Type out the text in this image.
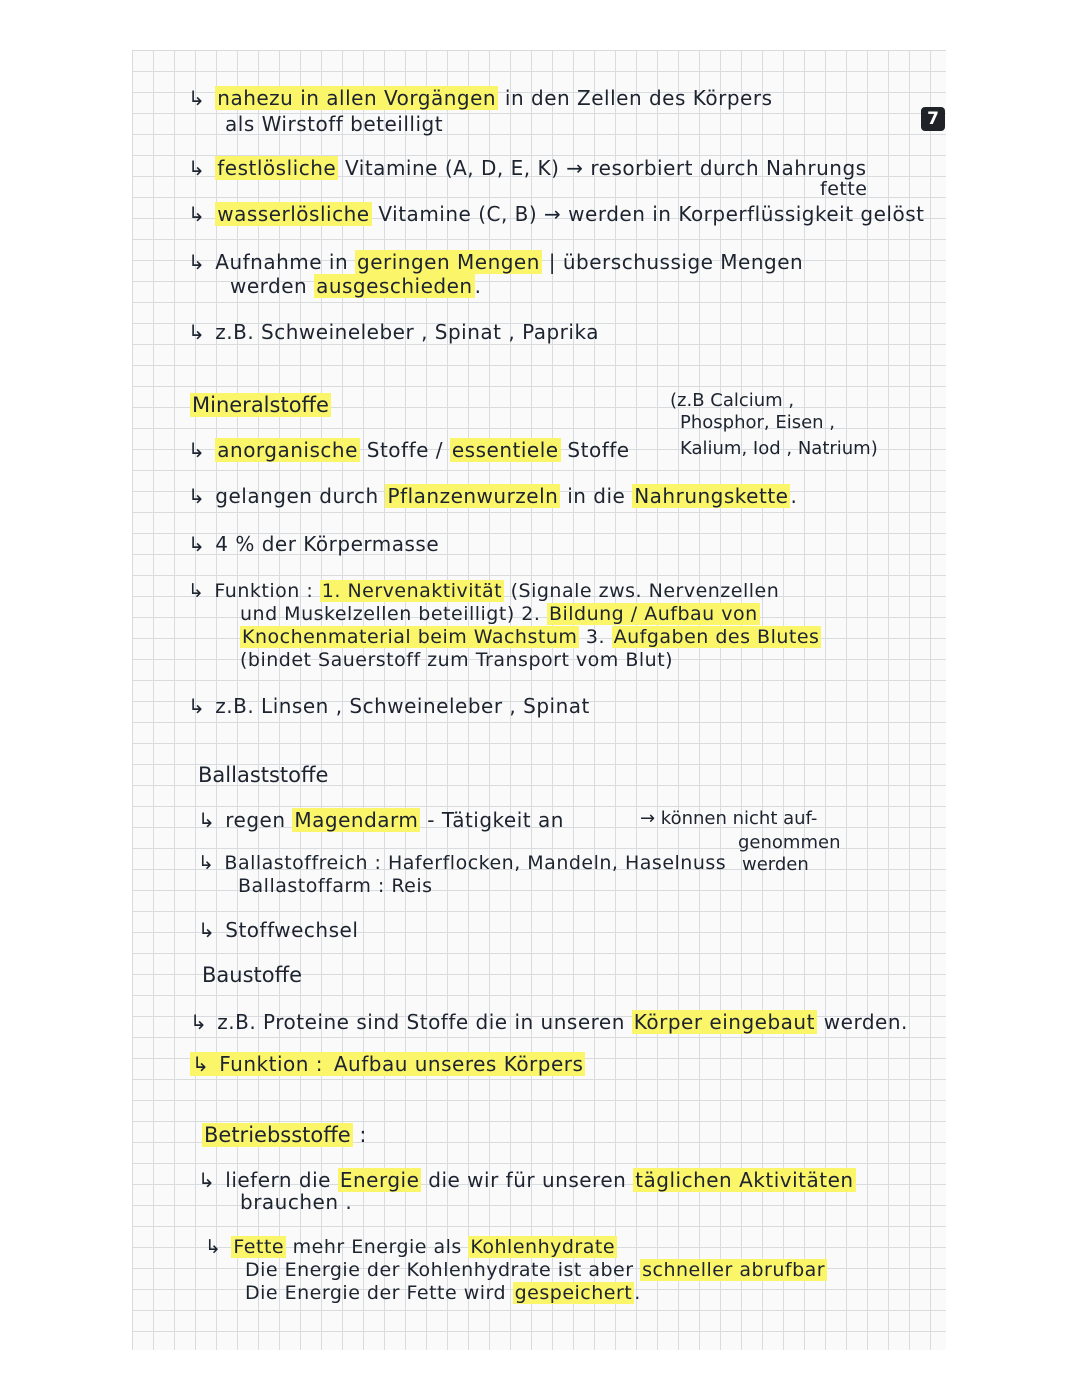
7
↳ nahezu in allen Vorgängen in den Zellen des Körpers
als Wirstoff beteilligt
↳ festlösliche Vitamine (A, D, E, K) → resorbiert durch Nahrungs
fette
↳ wasserlösliche Vitamine (C, B) → werden in Korperflüssigkeit gelöst
↳ Aufnahme in geringen Mengen | überschussige Mengen
werden ausgeschieden .
↳ z.B. Schweineleber , Spinat , Paprika
Mineralstoffe	(z.B Calcium ,
Phosphor, Eisen ,
↳ anorganische Stoffe / essentiele Stoffe	Kalium, Iod , Natrium)
↳ gelangen durch Pflanzenwurzeln in die Nahrungskette .
↳ 4 % der Körpermasse
↳ Funktion : 1. Nervenaktivität (Signale zws. Nervenzellen
und Muskelzellen beteilligt) 2. Bildung / Aufbau von
Knochenmaterial beim Wachstum 3. Aufgaben des Blutes
(bindet Sauerstoff zum Transport vom Blut)
↳ z.B. Linsen , Schweineleber , Spinat
Ballaststoffe
↳ regen Magendarm - Tätigkeit an	→ können nicht auf-
genommen
werden
↳ Ballastoffreich : Haferflocken, Mandeln, Haselnuss
Ballastoffarm : Reis
↳ Stoffwechsel
Baustoffe
↳ z.B. Proteine sind Stoffe die in unseren Körper eingebaut werden.
↳ Funktion : Aufbau unseres Körpers
Betriebsstoffe :
↳ liefern die Energie die wir für unseren täglichen Aktivitäten
brauchen .
↳ Fette mehr Energie als Kohlenhydrate
Die Energie der Kohlenhydrate ist aber schneller abrufbar
Die Energie der Fette wird gespeichert .
